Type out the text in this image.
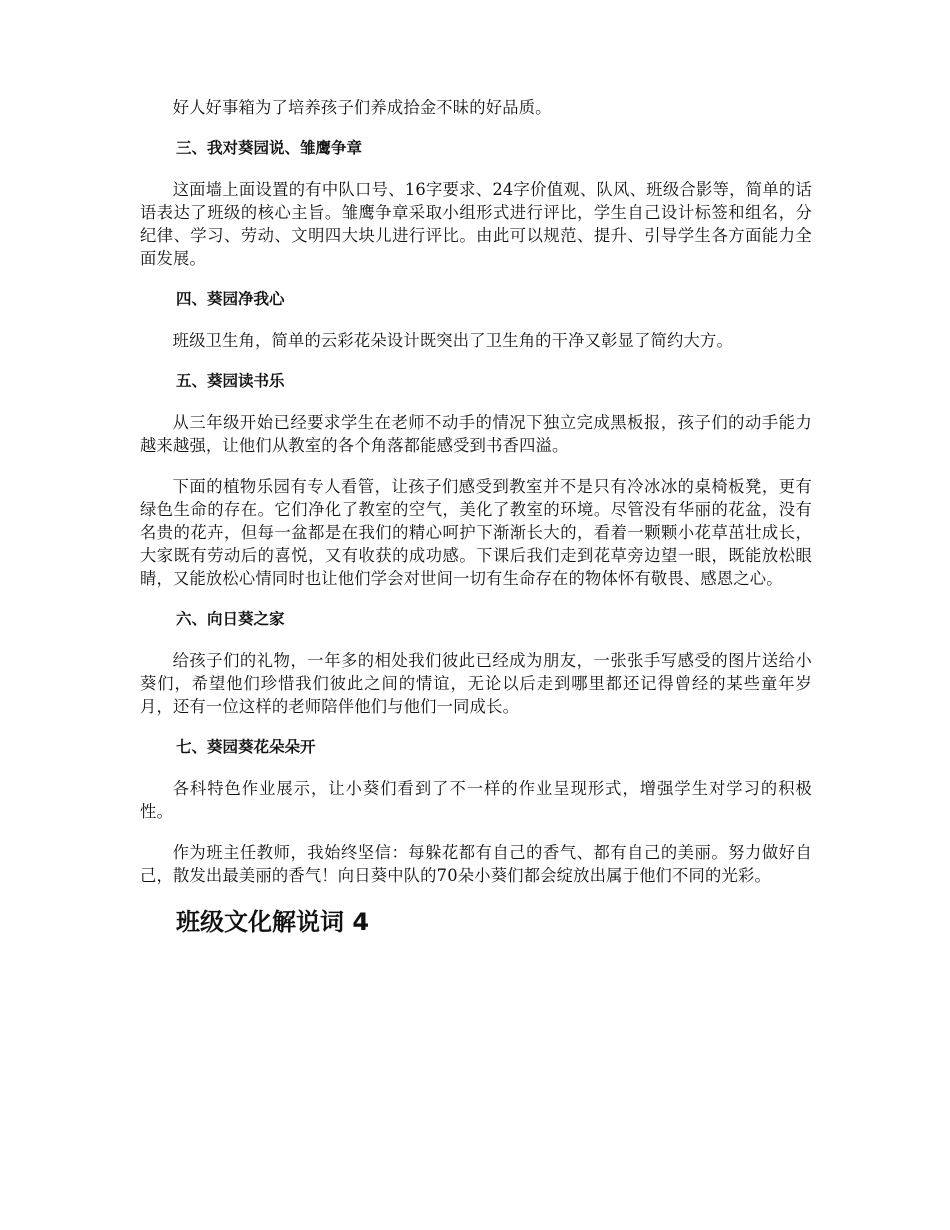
好人好事箱为了培养孩子们养成拾金不昧的好品质。

三、我对葵园说、雏鹰争章

这面墙上面设置的有中队口号、16字要求、24字价值观、队风、班级合影等，简单的话语表达了班级的核心主旨。雏鹰争章采取小组形式进行评比，学生自己设计标签和组名，分纪律、学习、劳动、文明四大块儿进行评比。由此可以规范、提升、引导学生各方面能力全面发展。

四、葵园净我心

班级卫生角，简单的云彩花朵设计既突出了卫生角的干净又彰显了简约大方。

五、葵园读书乐

从三年级开始已经要求学生在老师不动手的情况下独立完成黑板报，孩子们的动手能力越来越强，让他们从教室的各个角落都能感受到书香四溢。

下面的植物乐园有专人看管，让孩子们感受到教室并不是只有冷冰冰的桌椅板凳，更有绿色生命的存在。它们净化了教室的空气，美化了教室的环境。尽管没有华丽的花盆，没有名贵的花卉，但每一盆都是在我们的精心呵护下渐渐长大的，看着一颗颗小花草茁壮成长，大家既有劳动后的喜悦，又有收获的成功感。下课后我们走到花草旁边望一眼，既能放松眼睛，又能放松心情同时也让他们学会对世间一切有生命存在的物体怀有敬畏、感恩之心。

六、向日葵之家

给孩子们的礼物，一年多的相处我们彼此已经成为朋友，一张张手写感受的图片送给小葵们，希望他们珍惜我们彼此之间的情谊，无论以后走到哪里都还记得曾经的某些童年岁月，还有一位这样的老师陪伴他们与他们一同成长。

七、葵园葵花朵朵开

各科特色作业展示，让小葵们看到了不一样的作业呈现形式，增强学生对学习的积极性。

作为班主任教师，我始终坚信：每躲花都有自己的香气、都有自己的美丽。努力做好自己，散发出最美丽的香气！向日葵中队的70朵小葵们都会绽放出属于他们不同的光彩。

班级文化解说词 4
